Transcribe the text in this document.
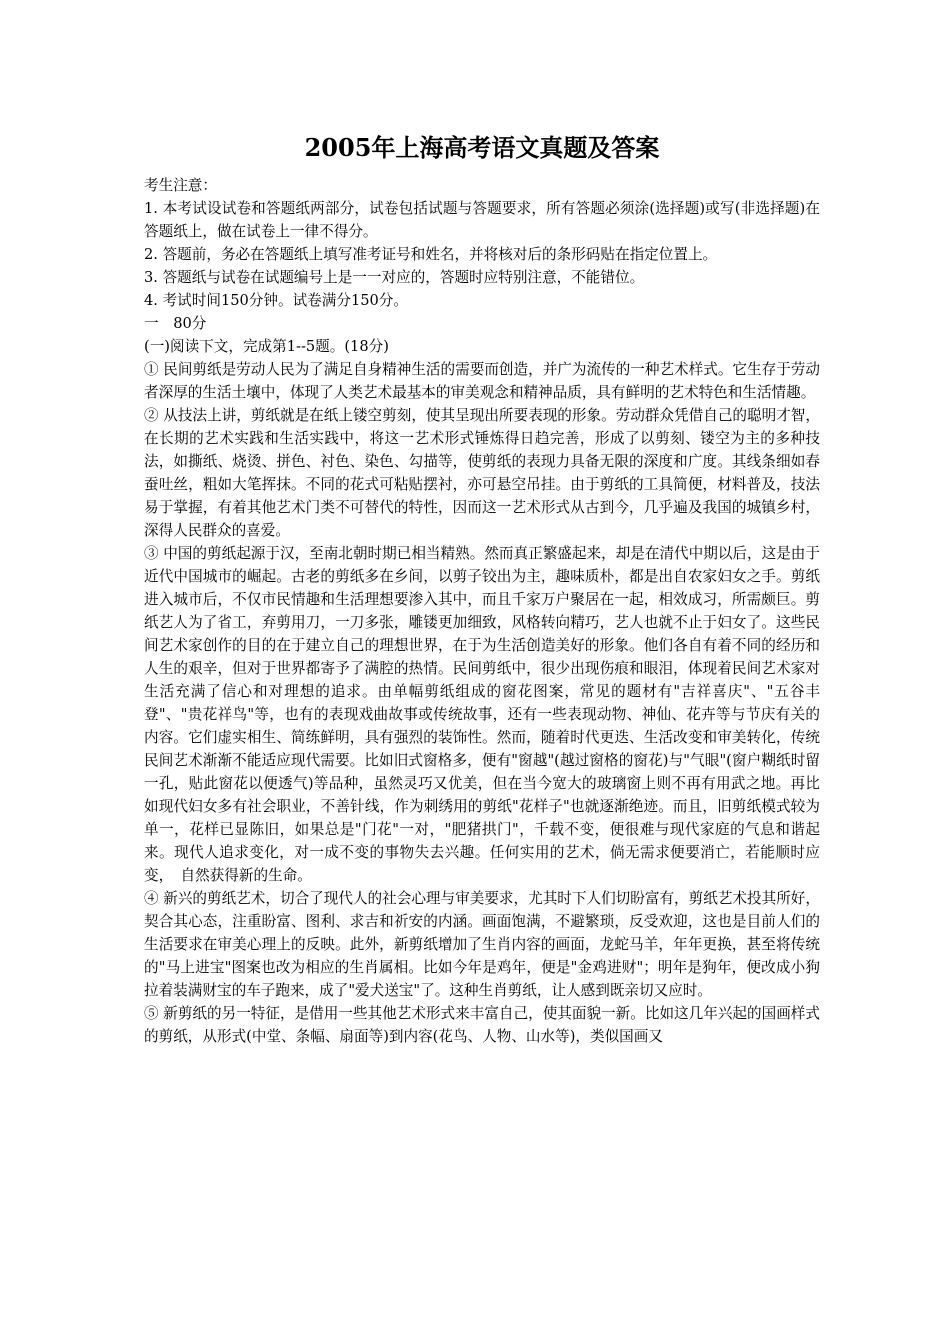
2005年上海高考语文真题及答案

考生注意：

1. 本考试设试卷和答题纸两部分，试卷包括试题与答题要求，所有答题必须涂(选择题)或写(非选择题)在答题纸上，做在试卷上一律不得分。

2. 答题前，务必在答题纸上填写准考证号和姓名，并将核对后的条形码贴在指定位置上。

3. 答题纸与试卷在试题编号上是一一对应的，答题时应特别注意，不能错位。

4. 考试时间150分钟。试卷满分150分。

一　80分

(一)阅读下文，完成第1--5题。(18分)

① 民间剪纸是劳动人民为了满足自身精神生活的需要而创造，并广为流传的一种艺术样式。它生存于劳动者深厚的生活土壤中，体现了人类艺术最基本的审美观念和精神品质，具有鲜明的艺术特色和生活情趣。

② 从技法上讲，剪纸就是在纸上镂空剪刻，使其呈现出所要表现的形象。劳动群众凭借自己的聪明才智，在长期的艺术实践和生活实践中，将这一艺术形式锤炼得日趋完善，形成了以剪刻、镂空为主的多种技法，如撕纸、烧烫、拼色、衬色、染色、勾描等，使剪纸的表现力具备无限的深度和广度。其线条细如春蚕吐丝，粗如大笔挥抹。不同的花式可粘贴摆衬，亦可悬空吊挂。由于剪纸的工具简便，材料普及，技法易于掌握，有着其他艺术门类不可替代的特性，因而这一艺术形式从古到今，几乎遍及我国的城镇乡村，深得人民群众的喜爱。

③ 中国的剪纸起源于汉，至南北朝时期已相当精熟。然而真正繁盛起来，却是在清代中期以后，这是由于近代中国城市的崛起。古老的剪纸多在乡间，以剪子铰出为主，趣味质朴，都是出自农家妇女之手。剪纸进入城市后，不仅市民情趣和生活理想要渗入其中，而且千家万户聚居在一起，相效成习，所需颇巨。剪纸艺人为了省工，弃剪用刀，一刀多张，雕镂更加细致，风格转向精巧，艺人也就不止于妇女了。这些民间艺术家创作的目的在于建立自己的理想世界，在于为生活创造美好的形象。他们各自有着不同的经历和人生的艰辛，但对于世界都寄予了满腔的热情。民间剪纸中，很少出现伤痕和眼泪，体现着民间艺术家对生活充满了信心和对理想的追求。由单幅剪纸组成的窗花图案，常见的题材有"吉祥喜庆"、"五谷丰登"、"贵花祥鸟"等，也有的表现戏曲故事或传统故事，还有一些表现动物、神仙、花卉等与节庆有关的内容。它们虚实相生、简练鲜明，具有强烈的装饰性。然而，随着时代更迭、生活改变和审美转化，传统民间艺术渐渐不能适应现代需要。比如旧式窗格多，便有"窗越"(越过窗格的窗花)与"气眼"(窗户糊纸时留一孔，贴此窗花以便透气)等品种，虽然灵巧又优美，但在当今宽大的玻璃窗上则不再有用武之地。再比如现代妇女多有社会职业，不善针线，作为刺绣用的剪纸"花样子"也就逐渐绝迹。而且，旧剪纸模式较为单一，花样已显陈旧，如果总是"门花"一对，"肥猪拱门"，千载不变，便很难与现代家庭的气息和谐起来。现代人追求变化，对一成不变的事物失去兴趣。任何实用的艺术，倘无需求便要消亡，若能顺时应变，　自然获得新的生命。

④ 新兴的剪纸艺术，切合了现代人的社会心理与审美要求，尤其时下人们切盼富有，剪纸艺术投其所好，契合其心态，注重盼富、图利、求吉和祈安的内涵。画面饱满，不避繁琐，反受欢迎，这也是目前人们的生活要求在审美心理上的反映。此外，新剪纸增加了生肖内容的画面，龙蛇马羊，年年更换，甚至将传统的"马上进宝"图案也改为相应的生肖属相。比如今年是鸡年，便是"金鸡进财"；明年是狗年，便改成小狗拉着装满财宝的车子跑来，成了"爱犬送宝"了。这种生肖剪纸，让人感到既亲切又应时。

⑤ 新剪纸的另一特征，是借用一些其他艺术形式来丰富自己，使其面貌一新。比如这几年兴起的国画样式的剪纸，从形式(中堂、条幅、扇面等)到内容(花鸟、人物、山水等)，类似国画又
